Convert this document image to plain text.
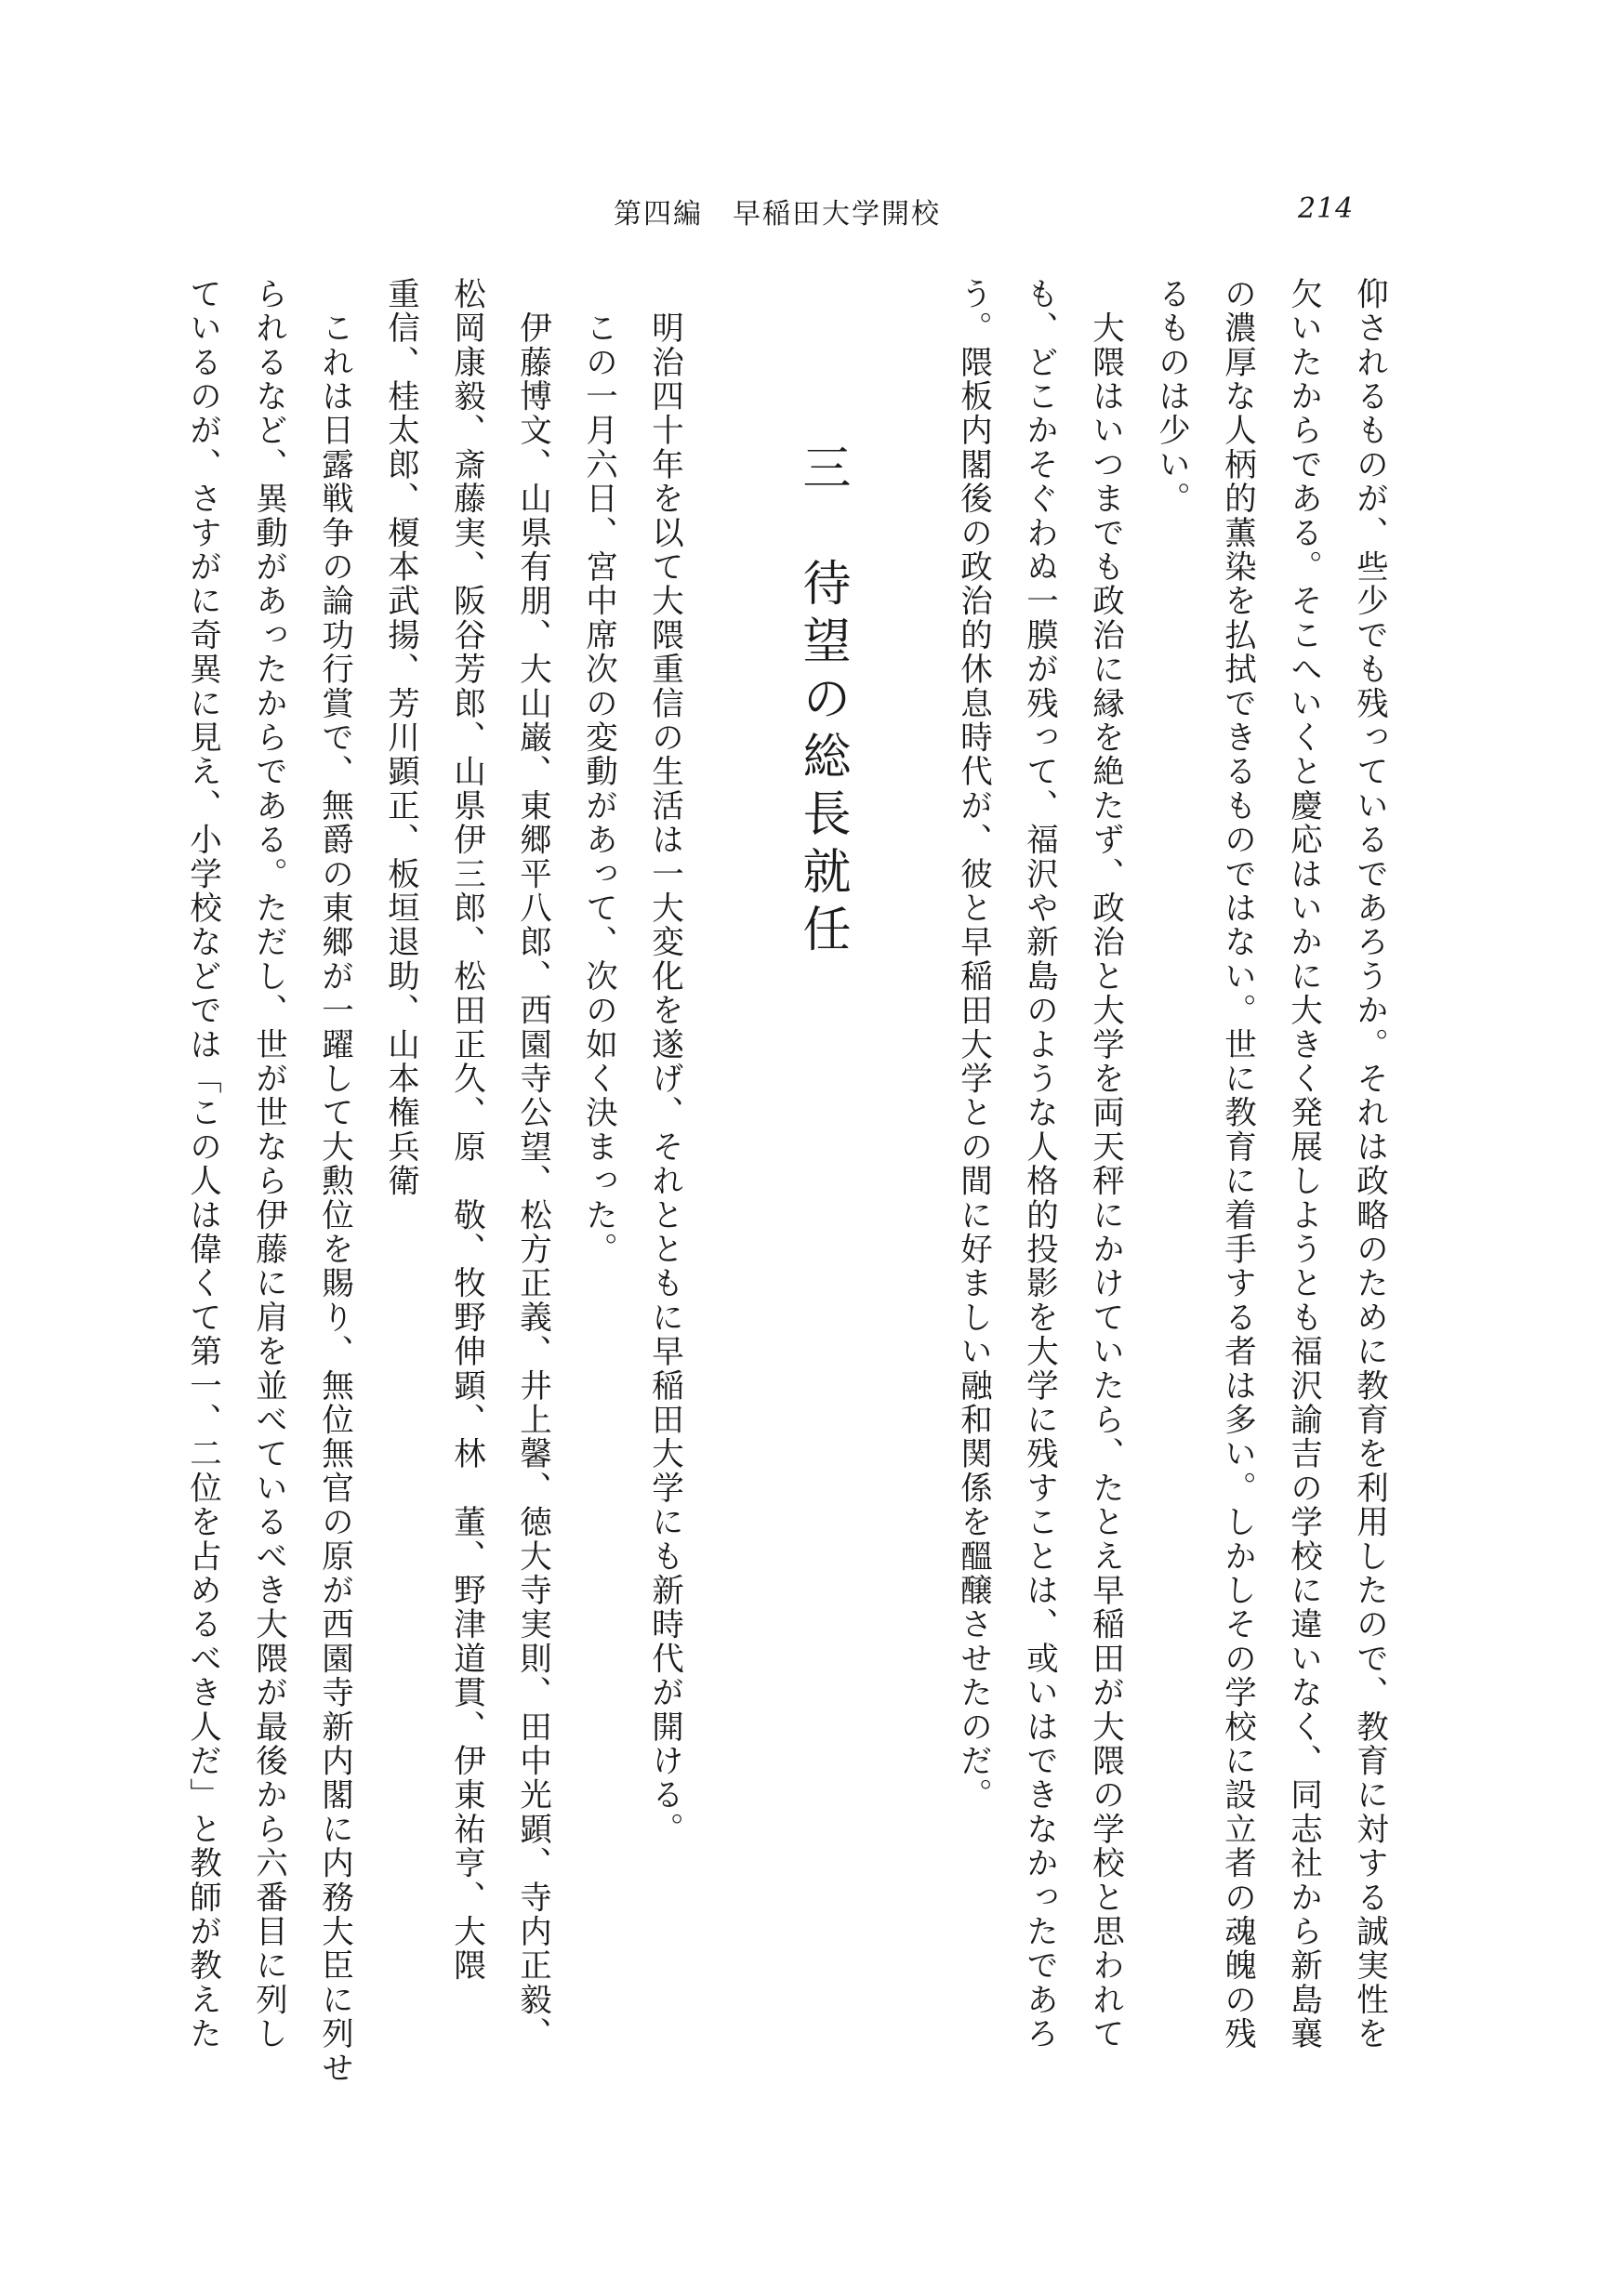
第四編　早稲田大学開校	214
仰されるものが、些少でも残っているであろうか。それは政略のために教育を利用したので、教育に対する誠実性を
欠いたからである。そこへいくと慶応はいかに大きく発展しようとも福沢諭吉の学校に違いなく、同志社から新島襄
の濃厚な人柄的薫染を払拭できるものではない。世に教育に着手する者は多い。しかしその学校に設立者の魂魄の残
るものは少い。
　大隈はいつまでも政治に縁を絶たず、政治と大学を両天秤にかけていたら、たとえ早稲田が大隈の学校と思われて
も、どこかそぐわぬ一膜が残って、福沢や新島のような人格的投影を大学に残すことは、或いはできなかったであろ
う。隈板内閣後の政治的休息時代が、彼と早稲田大学との間に好ましい融和関係を醞醸させたのだ。
三　待望の総長就任
　明治四十年を以て大隈重信の生活は一大変化を遂げ、それとともに早稲田大学にも新時代が開ける。
　この一月六日、宮中席次の変動があって、次の如く決まった。
　伊藤博文、山県有朋、大山巌、東郷平八郎、西園寺公望、松方正義、井上馨、徳大寺実則、田中光顕、寺内正毅、
松岡康毅、斎藤実、阪谷芳郎、山県伊三郎、松田正久、原　敬、牧野伸顕、林　董、野津道貫、伊東祐亨、大隈
重信、桂太郎、榎本武揚、芳川顕正、板垣退助、山本権兵衛
　これは日露戦争の論功行賞で、無爵の東郷が一躍して大勲位を賜り、無位無官の原が西園寺新内閣に内務大臣に列せ
られるなど、異動があったからである。ただし、世が世なら伊藤に肩を並べているべき大隈が最後から六番目に列し
ているのが、さすがに奇異に見え、小学校などでは「この人は偉くて第一、二位を占めるべき人だ」と教師が教えた
